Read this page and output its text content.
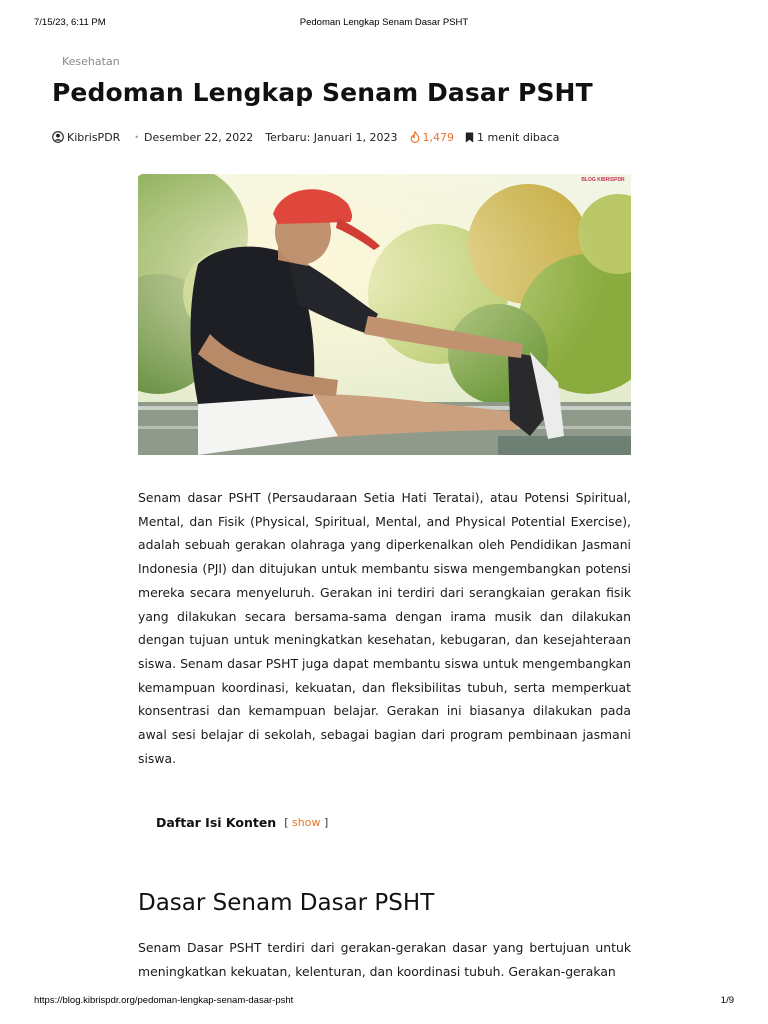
7/15/23, 6:11 PM	Pedoman Lengkap Senam Dasar PSHT
Kesehatan
Pedoman Lengkap Senam Dasar PSHT
KibrisPDR • Desember 22, 2022 Terbaru: Januari 1, 2023 1,479 1 menit dibaca
BLOG KIBRISPDR

Senam dasar PSHT (Persaudaraan Setia Hati Teratai), atau Potensi Spiritual, Mental, dan Fisik (Physical, Spiritual, Mental, and Physical Potential Exercise), adalah sebuah gerakan olahraga yang diperkenalkan oleh Pendidikan Jasmani Indonesia (PJI) dan ditujukan untuk membantu siswa mengembangkan potensi mereka secara menyeluruh. Gerakan ini terdiri dari serangkaian gerakan fisik yang dilakukan secara bersama-sama dengan irama musik dan dilakukan dengan tujuan untuk meningkatkan kesehatan, kebugaran, dan kesejahteraan siswa. Senam dasar PSHT juga dapat membantu siswa untuk mengembangkan kemampuan koordinasi, kekuatan, dan fleksibilitas tubuh, serta memperkuat konsentrasi dan kemampuan belajar. Gerakan ini biasanya dilakukan pada awal sesi belajar di sekolah, sebagai bagian dari program pembinaan jasmani siswa.

Daftar Isi Konten [ show ]
Dasar Senam Dasar PSHT

Senam Dasar PSHT terdiri dari gerakan-gerakan dasar yang bertujuan untuk meningkatkan kekuatan, kelenturan, dan koordinasi tubuh. Gerakan-gerakan

https://blog.kibrispdr.org/pedoman-lengkap-senam-dasar-psht	1/9
